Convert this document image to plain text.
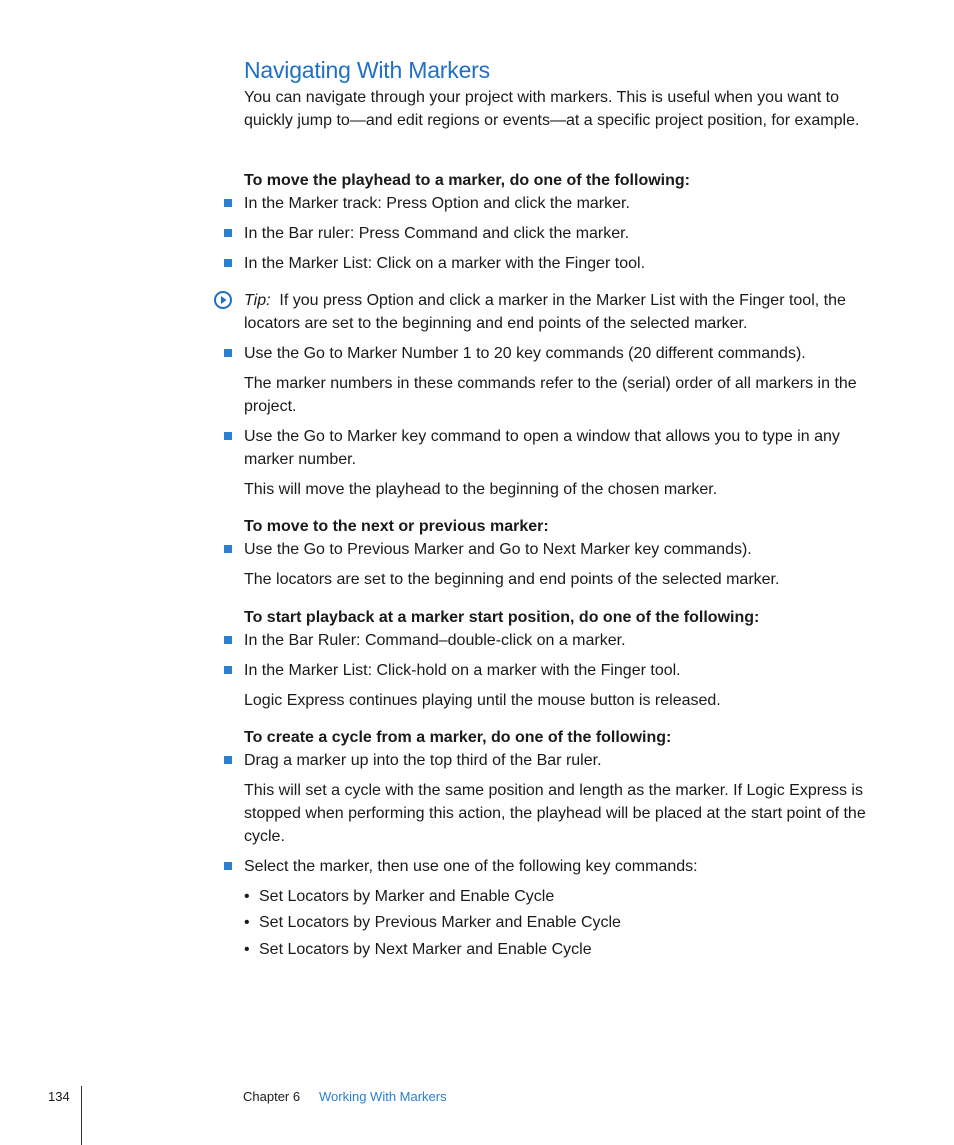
Navigating With Markers
You can navigate through your project with markers. This is useful when you want to quickly jump to—and edit regions or events—at a specific project position, for example.
To move the playhead to a marker, do one of the following:
In the Marker track: Press Option and click the marker.
In the Bar ruler: Press Command and click the marker.
In the Marker List: Click on a marker with the Finger tool.
Tip: If you press Option and click a marker in the Marker List with the Finger tool, the locators are set to the beginning and end points of the selected marker.
Use the Go to Marker Number 1 to 20 key commands (20 different commands).
The marker numbers in these commands refer to the (serial) order of all markers in the project.
Use the Go to Marker key command to open a window that allows you to type in any marker number.
This will move the playhead to the beginning of the chosen marker.
To move to the next or previous marker:
Use the Go to Previous Marker and Go to Next Marker key commands).
The locators are set to the beginning and end points of the selected marker.
To start playback at a marker start position, do one of the following:
In the Bar Ruler: Command–double-click on a marker.
In the Marker List: Click-hold on a marker with the Finger tool.
Logic Express continues playing until the mouse button is released.
To create a cycle from a marker, do one of the following:
Drag a marker up into the top third of the Bar ruler.
This will set a cycle with the same position and length as the marker. If Logic Express is stopped when performing this action, the playhead will be placed at the start point of the cycle.
Select the marker, then use one of the following key commands:
• Set Locators by Marker and Enable Cycle
• Set Locators by Previous Marker and Enable Cycle
• Set Locators by Next Marker and Enable Cycle
134	Chapter 6 Working With Markers
